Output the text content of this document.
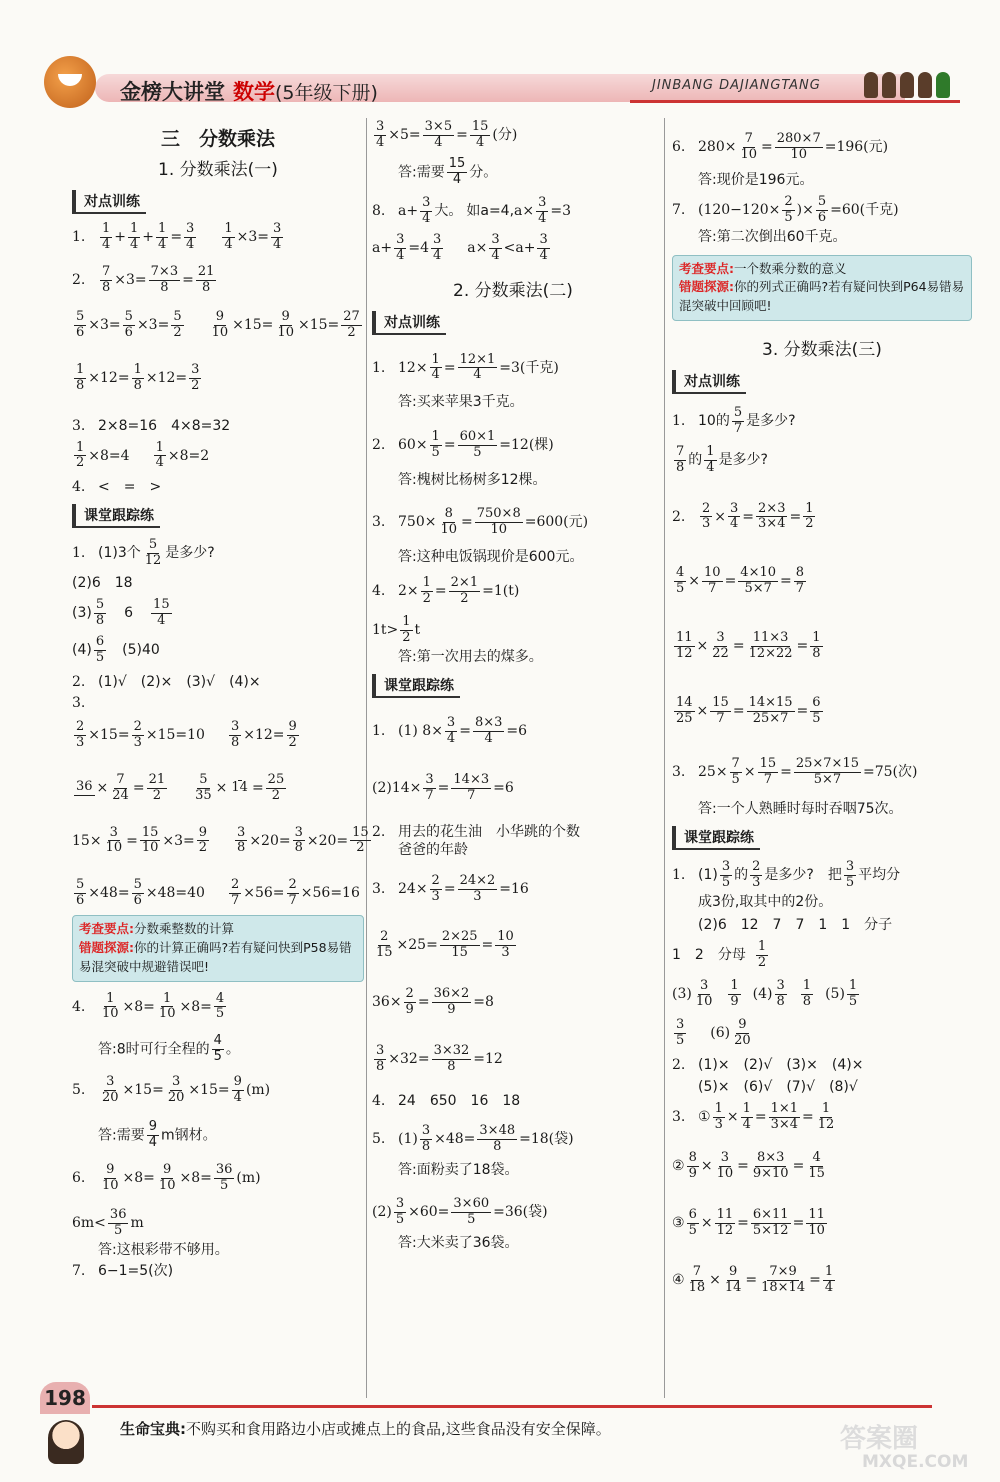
金榜大讲堂 数学(5年级下册)	JINBANG DAJIANGTANG
三　分数乘法
1. 分数乘法(一)
对点训练
1.
1
4 +
1
4 +
1
4 =
3
4
1
4 ×3=
3
4
2.
7
8 ×3=
7×3
8 =
21
8
5
6 ×3=
5
6 ×3=
5
2
9
10 ×15=
9
10 ×15=
27
2
1
8 ×12=
1
8 ×12=
3
2
3. 2×8=16　4×8=32
1
2 ×8=4
1
4 ×8=2
4. <　=　>
课堂跟踪练
1. (1)3个
5
12 是多少?
(2)6　18
(3)
5
8 6
15
4
(4)
6
5 (5)40
2. (1)√　(2)×　(3)√　(4)×
3.
2
3 ×15=
2
3 ×15=10
3
8 ×12=
9
2
36 ×
7
24 =
21
2
5
35 × 14 =
25
2
15×
3
10 =
15
10 ×3=
9
2
3
8 ×20=
3
8 ×20=
15
2
5
6 ×48=
5
6 ×48=40
2
7 ×56=
2
7 ×56=16
考查要点:分数乘整数的计算
错题探源:你的计算正确吗?若有疑问快到P58易错易混突破中规避错误吧!
4.
1
10 ×8=
1
10 ×8=
4
5
答:8时可行全程的 $\frac{4}{5}$ 。
5.
3
20 ×15=
3
20 ×15=
9
4 (m)
答:需要 $\frac{9}{4}$ m钢材。
6.
9
10 ×8=
9
10 ×8=
36
5 (m)
6m<
36
5 m
答:这根彩带不够用。
7. 6−1=5(次)
3
4 ×5=
3×5
4 =
15
4 (分)
答:需要 $\frac{15}{4}$ 分。
8. a+
3
4 大。 如a=4, a×
3
4 =3
a+
3
4 =4
3
4 a×
3
4 <a+
3
4
2. 分数乘法(二)
对点训练
1. 12×
1
4 =
12×1
4 =3(千克)
答:买来苹果3千克。
2. 60×
1
5 =
60×1
5 =12(棵)
答:槐树比杨树多12棵。
3. 750×
8
10 =
750×8
10 =600(元)
答:这种电饭锅现价是600元。
4. 2×
1
2 =
2×1
2 =1(t)
1t>
1
2 t
答:第一次用去的煤多。
课堂跟踪练
1. (1) 8×
3
4 =
8×3
4 =6
(2)14×
3
7 =
14×3
7 =6
2. 用去的花生油　小华跳的个数
爸爸的年龄
3. 24×
2
3 =
24×2
3 =16
2
15 ×25=
2×25
15 =
10
3
36×
2
9 =
36×2
9 =8
3
8 ×32=
3×32
8 =12
4. 24　650　16　18
5. (1)
3
8 ×48=
3×48
8 =18(袋)
答:面粉卖了18袋。
(2)
3
5 ×60=
3×60
5 =36(袋)
答:大米卖了36袋。
6. 280×
7
10 =
280×7
10 =196(元)
答:现价是196元。
7. (120−120×
2
5 )×
5
6 =60(千克)
答:第二次倒出60千克。
考查要点:一个数乘分数的意义
错题探源:你的列式正确吗?若有疑问快到P64易错易混突破中回顾吧!
3. 分数乘法(三)
对点训练
1. 10的
5
7 是多少?
7
8 的
1
4 是多少?
2.
2
3 ×
3
4 =
2×3
3×4 =
1
2
4
5 ×
10
7 =
4×10
5×7 =
8
7
11
12 ×
3
22 =
11×3
12×22 =
1
8
14
25 ×
15
7 =
14×15
25×7 =
6
5
3. 25×
7
5 ×
15
7 =
25×7×15
5×7 =75(次)
答:一个人熟睡时每时吞咽75次。
课堂跟踪练
1. (1)
3
5 的
2
3 是多少?　把
3
5 平均分
成3份,取其中的2份。
(2)6　12　7　7　1　1　分子
1　2　分母
1
2
(3)
3
10
1
9 (4)
3
8
1
8 (5)
1
5
3
5 (6)
9
20
2. (1)×　(2)√　(3)×　(4)×
(5)×　(6)√　(7)√　(8)√
3. ①
1
3 ×
1
4 =
1×1
3×4 =
1
12
②
8
9 ×
3
10 =
8×3
9×10 =
4
15
③
6
5 ×
11
12 =
6×11
5×12 =
11
10
④
7
18 ×
9
14 =
7×9
18×14 =
1
4
198
生命宝典:不购买和食用路边小店或摊点上的食品,这些食品没有安全保障。	答案圈
MXQE.COM
